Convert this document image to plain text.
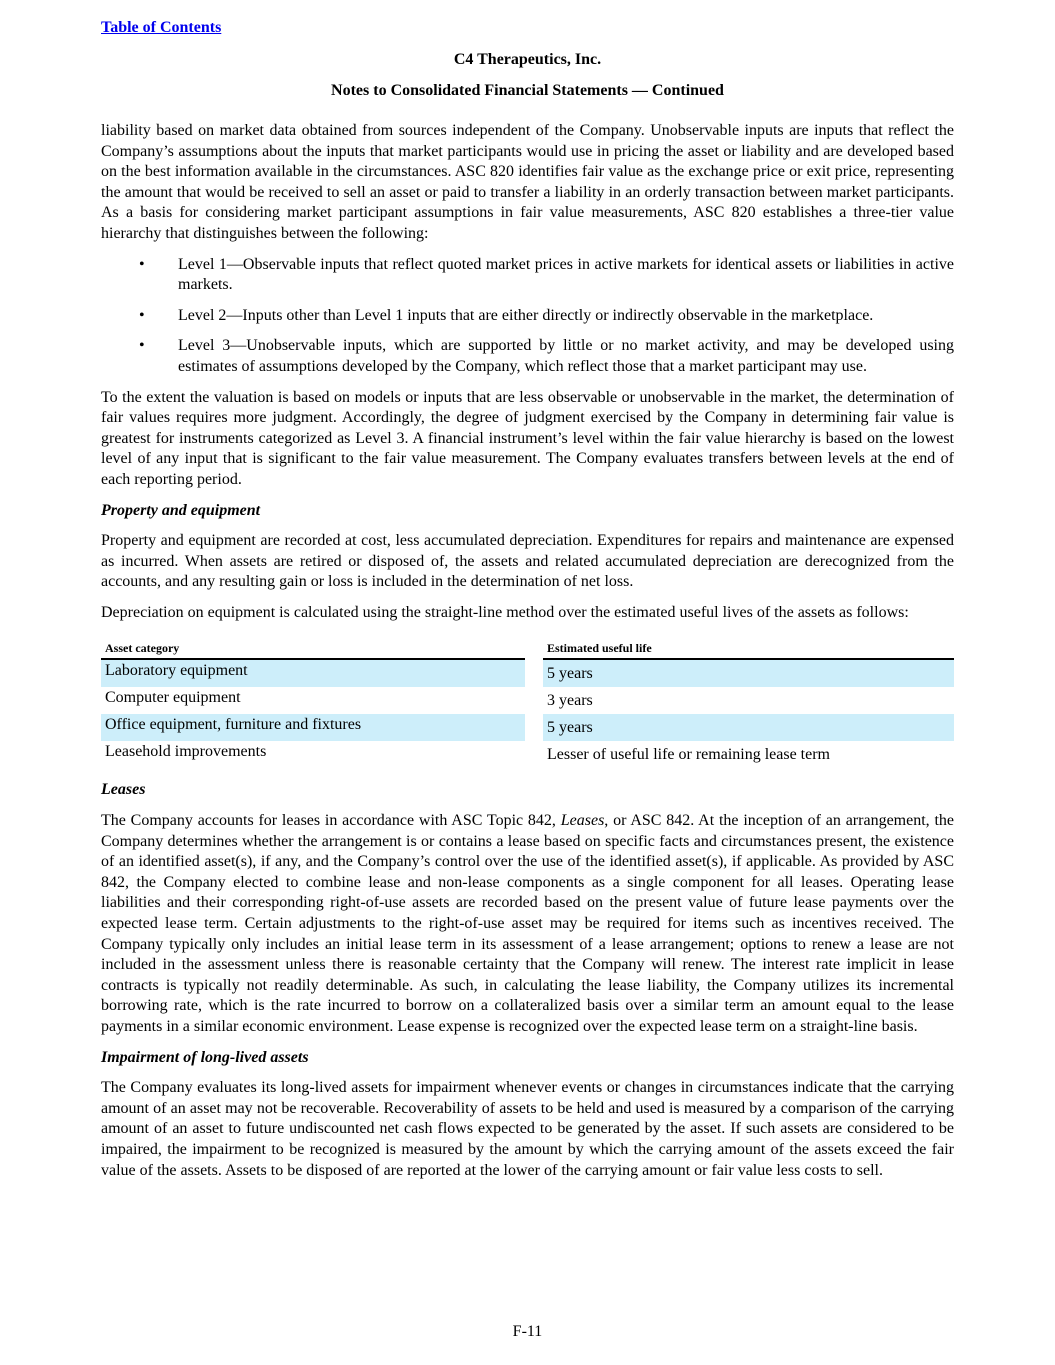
Table of Contents
C4 Therapeutics, Inc.
Notes to Consolidated Financial Statements — Continued

liability based on market data obtained from sources independent of the Company. Unobservable inputs are inputs that reflect the Company’s assumptions about the inputs that market participants would use in pricing the asset or liability and are developed based on the best information available in the circumstances. ASC 820 identifies fair value as the exchange price or exit price, representing the amount that would be received to sell an asset or paid to transfer a liability in an orderly transaction between market participants. As a basis for considering market participant assumptions in fair value measurements, ASC 820 establishes a three-tier value hierarchy that distinguishes between the following:

• Level 1—Observable inputs that reflect quoted market prices in active markets for identical assets or liabilities in active markets.
• Level 2—Inputs other than Level 1 inputs that are either directly or indirectly observable in the marketplace.
• Level 3—Unobservable inputs, which are supported by little or no market activity, and may be developed using estimates of assumptions developed by the Company, which reflect those that a market participant may use.

To the extent the valuation is based on models or inputs that are less observable or unobservable in the market, the determination of fair values requires more judgment. Accordingly, the degree of judgment exercised by the Company in determining fair value is greatest for instruments categorized as Level 3. A financial instrument’s level within the fair value hierarchy is based on the lowest level of any input that is significant to the fair value measurement. The Company evaluates transfers between levels at the end of each reporting period.

Property and equipment

Property and equipment are recorded at cost, less accumulated depreciation. Expenditures for repairs and maintenance are expensed as incurred. When assets are retired or disposed of, the assets and related accumulated depreciation are derecognized from the accounts, and any resulting gain or loss is included in the determination of net loss.

Depreciation on equipment is calculated using the straight-line method over the estimated useful lives of the assets as follows:

Asset category		Estimated useful life
Laboratory equipment		5 years
Computer equipment		3 years
Office equipment, furniture and fixtures		5 years
Leasehold improvements		Lesser of useful life or remaining lease term
Leases

The Company accounts for leases in accordance with ASC Topic 842, Leases, or ASC 842. At the inception of an arrangement, the Company determines whether the arrangement is or contains a lease based on specific facts and circumstances present, the existence of an identified asset(s), if any, and the Company’s control over the use of the identified asset(s), if applicable. As provided by ASC 842, the Company elected to combine lease and non-lease components as a single component for all leases. Operating lease liabilities and their corresponding right-of-use assets are recorded based on the present value of future lease payments over the expected lease term. Certain adjustments to the right-of-use asset may be required for items such as incentives received. The Company typically only includes an initial lease term in its assessment of a lease arrangement; options to renew a lease are not included in the assessment unless there is reasonable certainty that the Company will renew. The interest rate implicit in lease contracts is typically not readily determinable. As such, in calculating the lease liability, the Company utilizes its incremental borrowing rate, which is the rate incurred to borrow on a collateralized basis over a similar term an amount equal to the lease payments in a similar economic environment. Lease expense is recognized over the expected lease term on a straight-line basis.

Impairment of long-lived assets

The Company evaluates its long-lived assets for impairment whenever events or changes in circumstances indicate that the carrying amount of an asset may not be recoverable. Recoverability of assets to be held and used is measured by a comparison of the carrying amount of an asset to future undiscounted net cash flows expected to be generated by the asset. If such assets are considered to be impaired, the impairment to be recognized is measured by the amount by which the carrying amount of the assets exceed the fair value of the assets. Assets to be disposed of are reported at the lower of the carrying amount or fair value less costs to sell.

F-11
